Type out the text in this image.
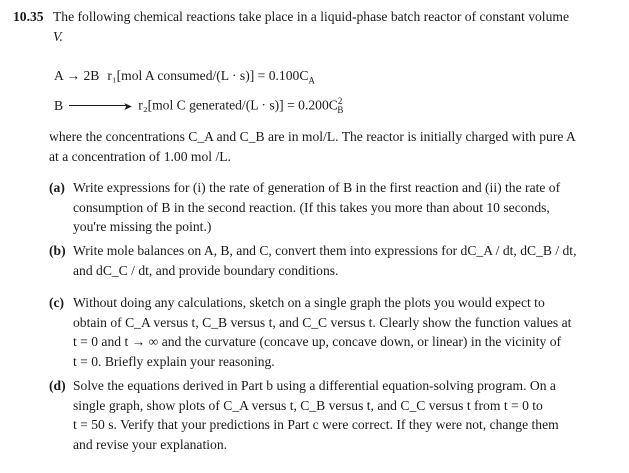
10.35 The following chemical reactions take place in a liquid-phase batch reactor of constant volume
V.
A → 2B r₁[mol A consumed/(L · $s)] = 0.100C_A$
B	➤ r₂[mol C generated/(L · $s)] = 0.200C^2_B$
where the concentrations C_A and C_B are in mol/L. The reactor is initially charged with pure A
at a concentration of 1.00 mol /L.
(a) Write expressions for (i) the rate of generation of B in the first reaction and (ii) the rate of
consumption of B in the second reaction. (If this takes you more than about 10 seconds,
you're missing the point.)
(b) Write mole balances on A, B, and C, convert them into expressions for dC_A / dt, dC_B / dt,
and dC_C / dt, and provide boundary conditions.
(c) Without doing any calculations, sketch on a single graph the plots you would expect to
obtain of C_A versus t, C_B versus t, and C_C versus t. Clearly show the function values at
t = 0 and t → ∞ and the curvature (concave up, concave down, or linear) in the vicinity of
t = 0. Briefly explain your reasoning.
(d) Solve the equations derived in Part b using a differential equation-solving program. On a
single graph, show plots of C_A versus t, C_B versus t, and C_C versus t from t = 0 to
t = 50 s. Verify that your predictions in Part c were correct. If they were not, change them
and revise your explanation.
